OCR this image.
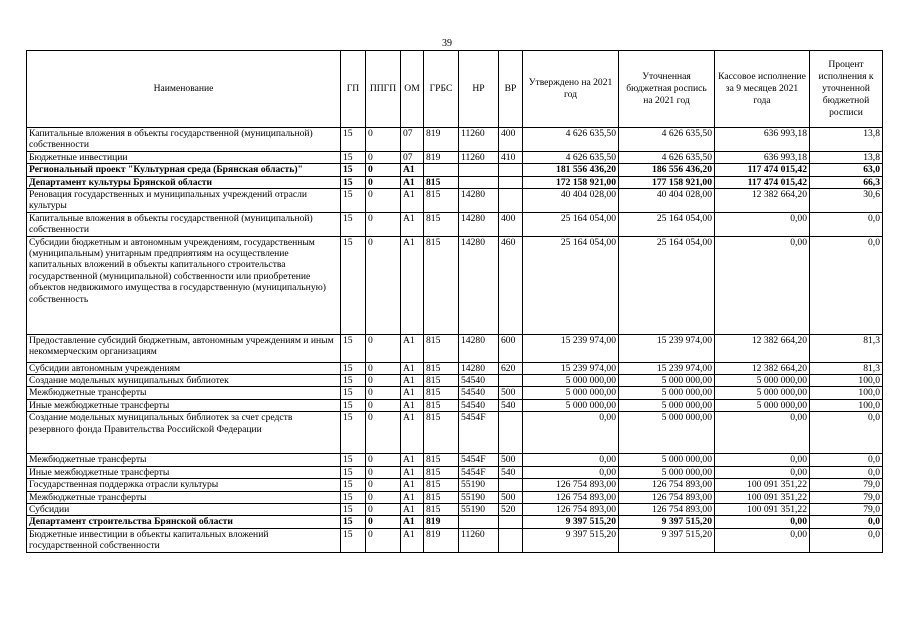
39
Наименование	ГП	ППГП	ОМ	ГРБС	НР	ВР	Утверждено на 2021 год	Уточненная бюджетная роспись на 2021 год	Кассовое исполнение за 9 месяцев 2021 года	Процент исполнения к уточненной бюджетной росписи
Капитальные вложения в объекты государственной (муниципальной) собственности	15	0	07	819	11260	400	4 626 635,50	4 626 635,50	636 993,18	13,8
Бюджетные инвестиции	15	0	07	819	11260	410	4 626 635,50	4 626 635,50	636 993,18	13,8
Региональный проект "Культурная среда (Брянская область)"	15	0	А1				181 556 436,20	186 556 436,20	117 474 015,42	63,0
Департамент культуры Брянской области	15	0	А1	815			172 158 921,00	177 158 921,00	117 474 015,42	66,3
Реновация государственных и муниципальных учреждений отрасли культуры	15	0	А1	815	14280		40 404 028,00	40 404 028,00	12 382 664,20	30,6
Капитальные вложения в объекты государственной (муниципальной) собственности	15	0	А1	815	14280	400	25 164 054,00	25 164 054,00	0,00	0,0
Субсидии бюджетным и автономным учреждениям, государственным (муниципальным) унитарным предприятиям на осуществление капитальных вложений в объекты капитального строительства государственной (муниципальной) собственности или приобретение объектов недвижимого имущества в государственную (муниципальную) собственность	15	0	А1	815	14280	460	25 164 054,00	25 164 054,00	0,00	0,0
Предоставление субсидий бюджетным, автономным учреждениям и иным некоммерческим организациям	15	0	А1	815	14280	600	15 239 974,00	15 239 974,00	12 382 664,20	81,3
Субсидии автономным учреждениям	15	0	А1	815	14280	620	15 239 974,00	15 239 974,00	12 382 664,20	81,3
Создание модельных муниципальных библиотек	15	0	А1	815	54540		5 000 000,00	5 000 000,00	5 000 000,00	100,0
Межбюджетные трансферты	15	0	А1	815	54540	500	5 000 000,00	5 000 000,00	5 000 000,00	100,0
Иные межбюджетные трансферты	15	0	А1	815	54540	540	5 000 000,00	5 000 000,00	5 000 000,00	100,0
Создание модельных муниципальных библиотек за счет средств резервного фонда Правительства Российской Федерации	15	0	А1	815	5454F		0,00	5 000 000,00	0,00	0,0
Межбюджетные трансферты	15	0	А1	815	5454F	500	0,00	5 000 000,00	0,00	0,0
Иные межбюджетные трансферты	15	0	А1	815	5454F	540	0,00	5 000 000,00	0,00	0,0
Государственная поддержка отрасли культуры	15	0	А1	815	55190		126 754 893,00	126 754 893,00	100 091 351,22	79,0
Межбюджетные трансферты	15	0	А1	815	55190	500	126 754 893,00	126 754 893,00	100 091 351,22	79,0
Субсидии	15	0	А1	815	55190	520	126 754 893,00	126 754 893,00	100 091 351,22	79,0
Департамент строительства Брянской области	15	0	А1	819			9 397 515,20	9 397 515,20	0,00	0,0
Бюджетные инвестиции в объекты капитальных вложений государственной собственности	15	0	А1	819	11260		9 397 515,20	9 397 515,20	0,00	0,0
